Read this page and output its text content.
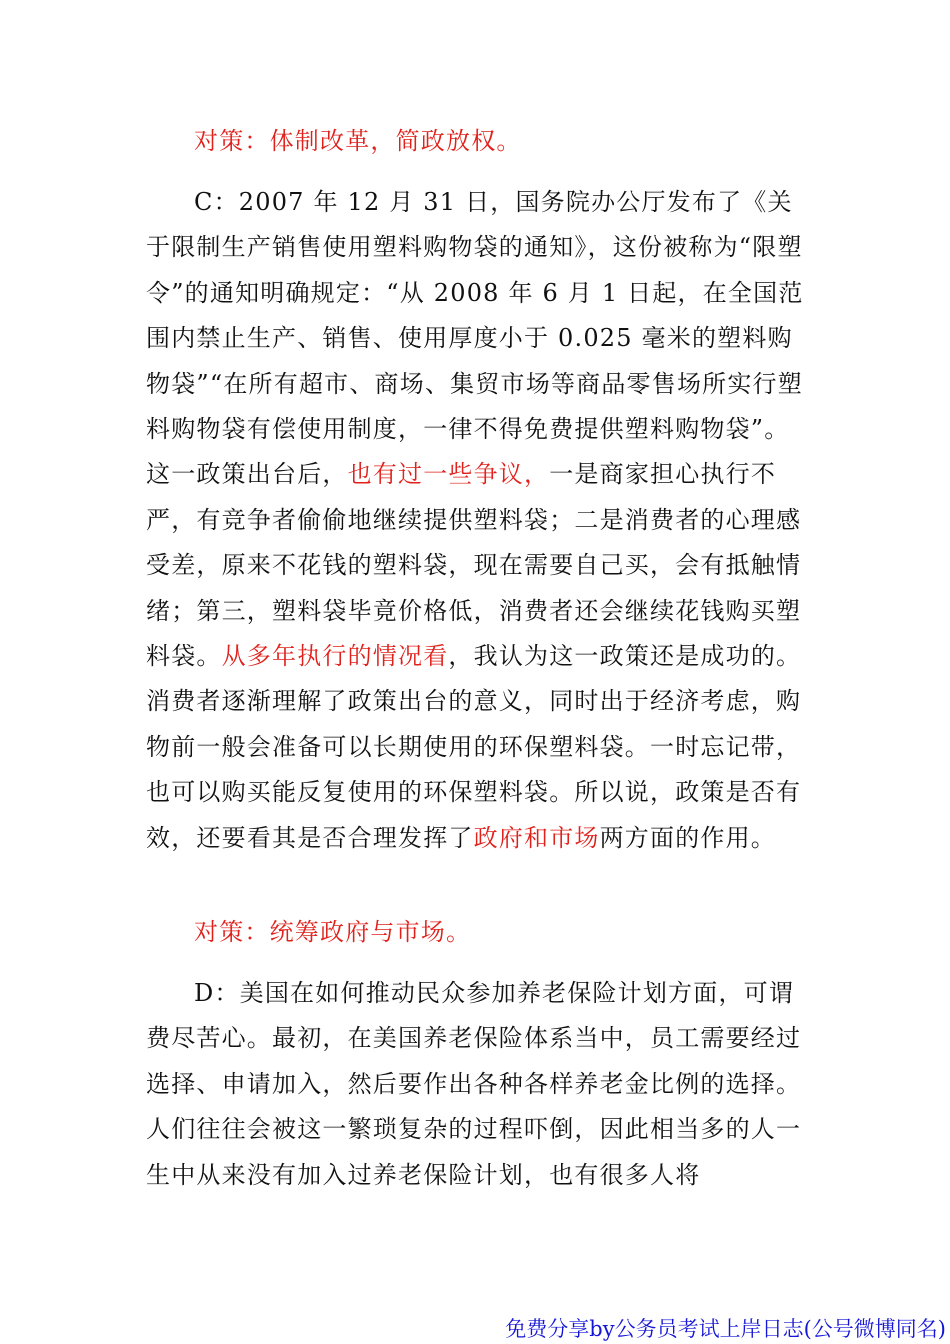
对策：体制改革，简政放权。

C：2007 年 12 月 31 日，国务院办公厅发布了《关于限制生产销售使用塑料购物袋的通知》，这份被称为“限塑令”的通知明确规定：“从 2008 年 6 月 1 日起，在全国范围内禁止生产、销售、使用厚度小于 0.025 毫米的塑料购物袋”“在所有超市、商场、集贸市场等商品零售场所实行塑料购物袋有偿使用制度，一律不得免费提供塑料购物袋”。这一政策出台后，也有过一些争议，一是商家担心执行不严，有竞争者偷偷地继续提供塑料袋；二是消费者的心理感受差，原来不花钱的塑料袋，现在需要自己买，会有抵触情绪；第三，塑料袋毕竟价格低，消费者还会继续花钱购买塑料袋。从多年执行的情况看，我认为这一政策还是成功的。消费者逐渐理解了政策出台的意义，同时出于经济考虑，购物前一般会准备可以长期使用的环保塑料袋。一时忘记带，也可以购买能反复使用的环保塑料袋。所以说，政策是否有效，还要看其是否合理发挥了政府和市场两方面的作用。

对策：统筹政府与市场。

D：美国在如何推动民众参加养老保险计划方面，可谓费尽苦心。最初，在美国养老保险体系当中，员工需要经过选择、申请加入，然后要作出各种各样养老金比例的选择。人们往往会被这一繁琐复杂的过程吓倒，因此相当多的人一生中从来没有加入过养老保险计划，也有很多人将

免费分享by公务员考试上岸日志(公号微博同名)
